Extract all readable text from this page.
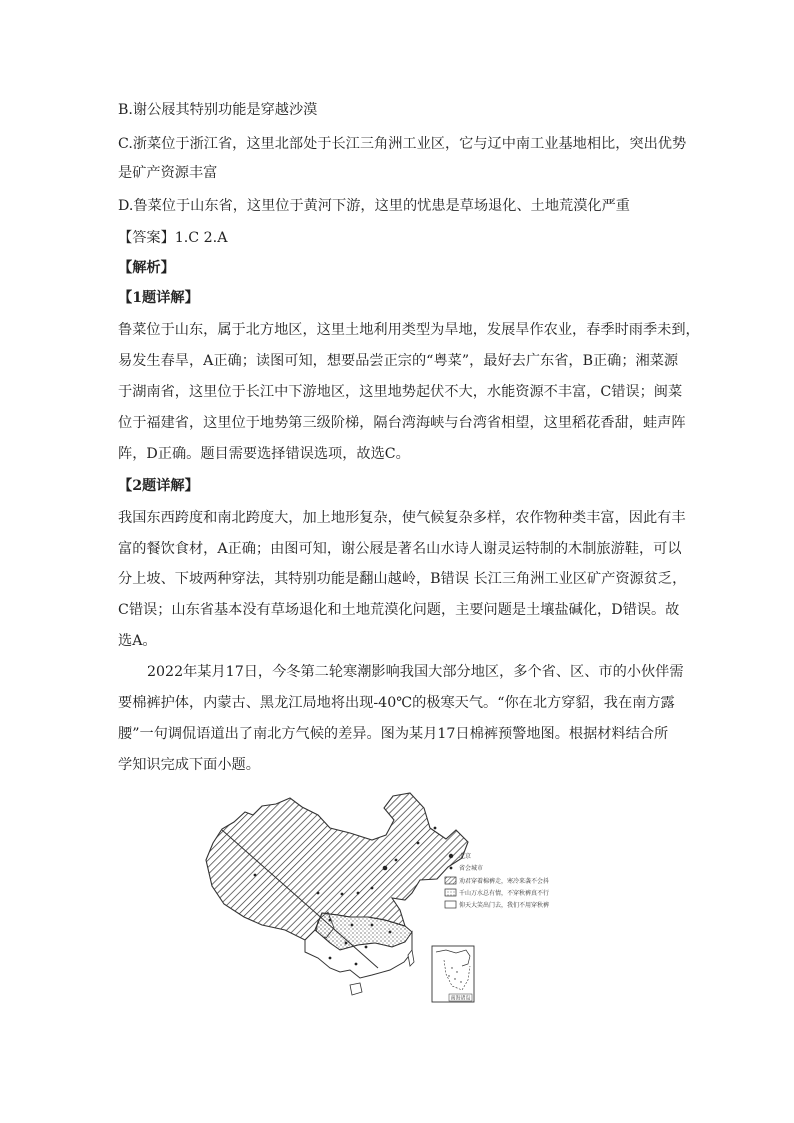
B.谢公屐其特别功能是穿越沙漠
C.浙菜位于浙江省，这里北部处于长江三角洲工业区，它与辽中南工业基地相比，突出优势
是矿产资源丰富
D.鲁菜位于山东省，这里位于黄河下游，这里的忧患是草场退化、土地荒漠化严重
【答案】1.C 2.A
【解析】
【1题详解】
鲁菜位于山东，属于北方地区，这里土地利用类型为旱地，发展旱作农业，春季时雨季未到，
易发生春旱，A正确；读图可知，想要品尝正宗的“粤菜”，最好去广东省，B正确；湘菜源
于湖南省，这里位于长江中下游地区，这里地势起伏不大，水能资源不丰富，C错误；闽菜
位于福建省，这里位于地势第三级阶梯，隔台湾海峡与台湾省相望，这里稻花香甜，蛙声阵
阵，D正确。题目需要选择错误选项，故选C。
【2题详解】
我国东西跨度和南北跨度大，加上地形复杂，使气候复杂多样，农作物种类丰富，因此有丰
富的餐饮食材，A正确；由图可知，谢公屐是著名山水诗人谢灵运特制的木制旅游鞋，可以
分上坡、下坡两种穿法，其特别功能是翻山越岭，B错误 长江三角洲工业区矿产资源贫乏，
C错误；山东省基本没有草场退化和土地荒漠化问题，主要问题是土壤盐碱化，D错误。故
选A。
2022年某月17日，今冬第二轮寒潮影响我国大部分地区，多个省、区、市的小伙伴需
要棉裤护体，内蒙古、黑龙江局地将出现-40℃的极寒天气。“你在北方穿貂，我在南方露
腰”一句调侃语道出了南北方气候的差异。图为某月17日棉裤预警地图。根据材料结合所
学知识完成下面小题。
北京
省会城市
劝君穿着棉裤走，寒冷来袭不会抖
千山万水总有情，不穿秋裤真不行
仰天大笑出门去，我们不用穿秋裤
南海诸岛
